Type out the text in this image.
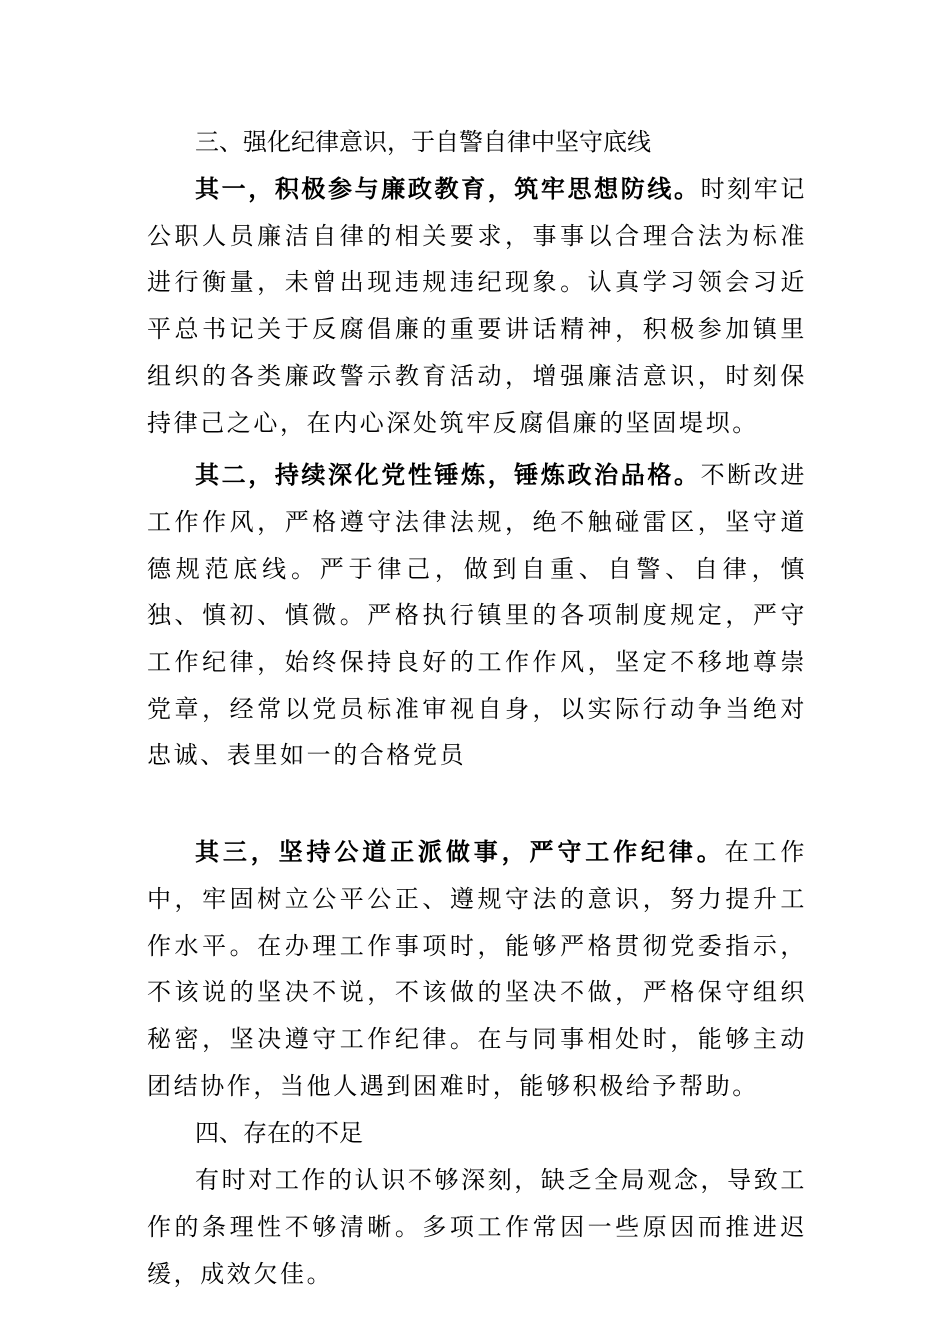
三、强化纪律意识，于自警自律中坚守底线

其一，积极参与廉政教育，筑牢思想防线。时刻牢记公职人员廉洁自律的相关要求，事事以合理合法为标准进行衡量，未曾出现违规违纪现象。认真学习领会习近平总书记关于反腐倡廉的重要讲话精神，积极参加镇里组织的各类廉政警示教育活动，增强廉洁意识，时刻保持律己之心，在内心深处筑牢反腐倡廉的坚固堤坝。

其二，持续深化党性锤炼，锤炼政治品格。不断改进工作作风，严格遵守法律法规，绝不触碰雷区，坚守道德规范底线。严于律己，做到自重、自警、自律，慎独、慎初、慎微。严格执行镇里的各项制度规定，严守工作纪律，始终保持良好的工作作风，坚定不移地尊崇党章，经常以党员标准审视自身，以实际行动争当绝对忠诚、表里如一的合格党员

其三，坚持公道正派做事，严守工作纪律。在工作中，牢固树立公平公正、遵规守法的意识，努力提升工作水平。在办理工作事项时，能够严格贯彻党委指示，不该说的坚决不说，不该做的坚决不做，严格保守组织秘密，坚决遵守工作纪律。在与同事相处时，能够主动团结协作，当他人遇到困难时，能够积极给予帮助。

四、存在的不足

有时对工作的认识不够深刻，缺乏全局观念，导致工作的条理性不够清晰。多项工作常因一些原因而推进迟缓，成效欠佳。
